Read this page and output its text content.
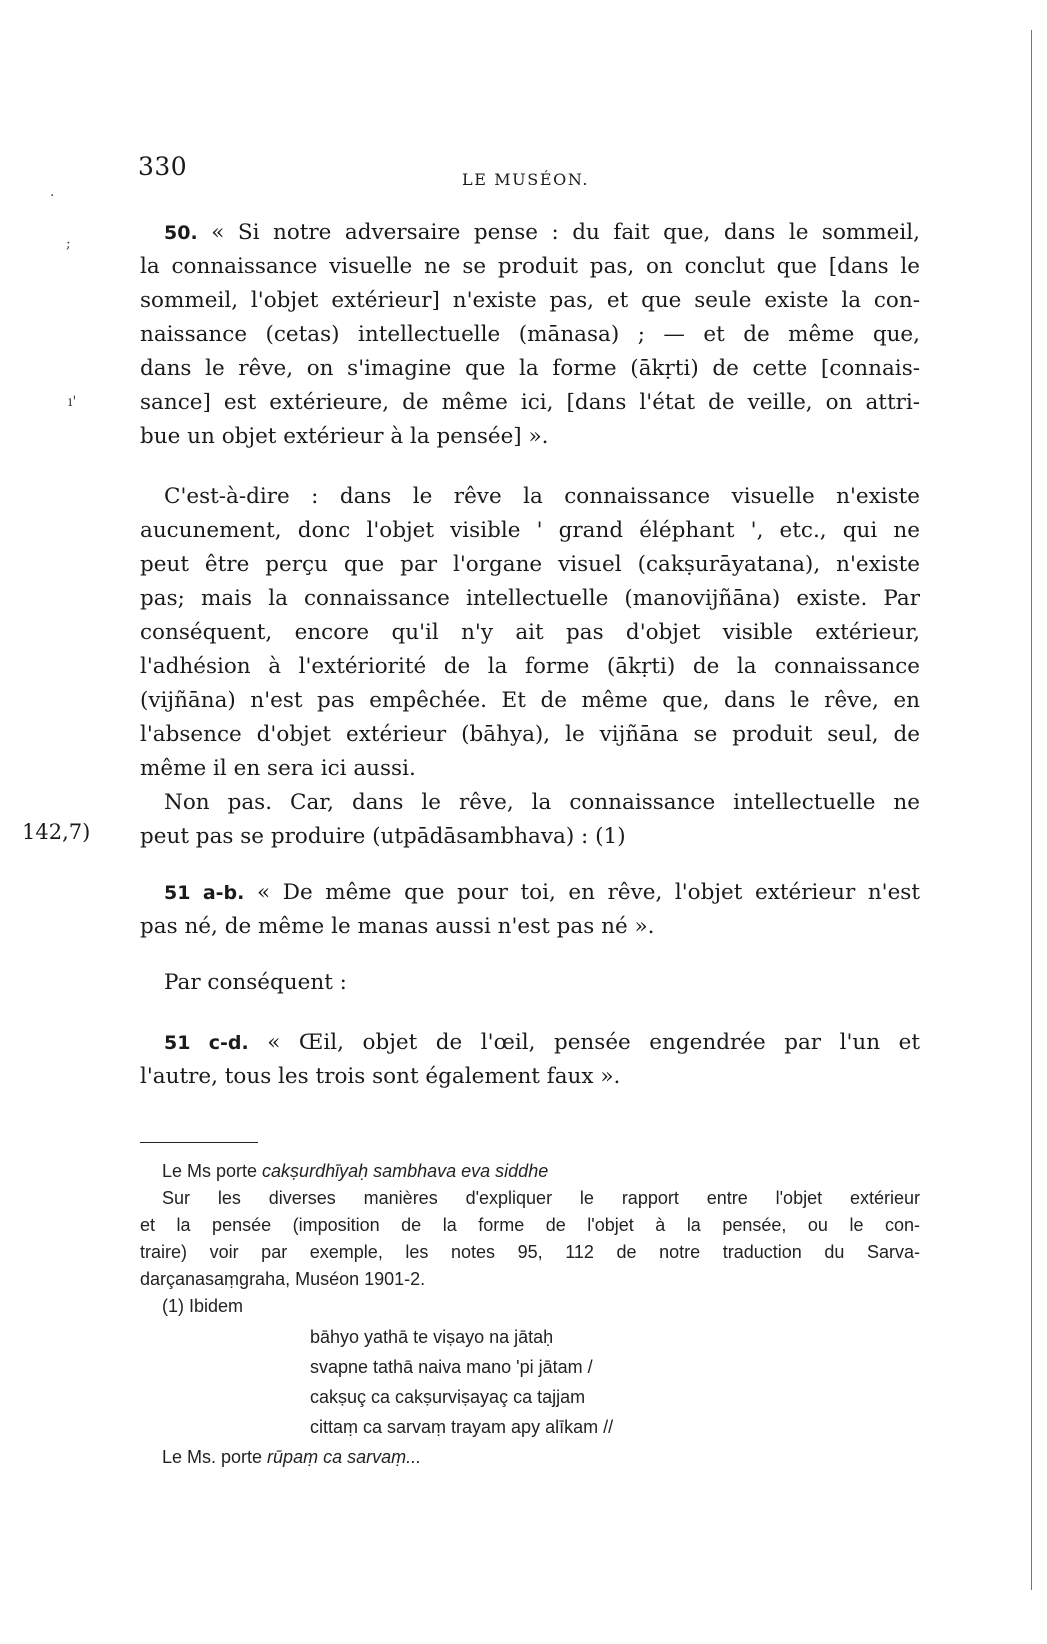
·
;
ı'
330	LE MUSÉON.
50. « Si notre adversaire pense : du fait que, dans le sommeil,
la connaissance visuelle ne se produit pas, on conclut que [dans le
sommeil, l'objet extérieur] n'existe pas, et que seule existe la con-
naissance (cetas) intellectuelle (mānasa) ; — et de même que,
dans le rêve, on s'imagine que la forme (ākṛti) de cette [connais-
sance] est extérieure, de même ici, [dans l'état de veille, on attri-
bue un objet extérieur à la pensée] ».
C'est-à-dire : dans le rêve la connaissance visuelle n'existe
aucunement, donc l'objet visible ' grand éléphant ', etc., qui ne
peut être perçu que par l'organe visuel (cakṣurāyatana), n'existe
pas; mais la connaissance intellectuelle (manovijñāna) existe. Par
conséquent, encore qu'il n'y ait pas d'objet visible extérieur,
l'adhésion à l'extériorité de la forme (ākṛti) de la connaissance
(vijñāna) n'est pas empêchée. Et de même que, dans le rêve, en
l'absence d'objet extérieur (bāhya), le vijñāna se produit seul, de
même il en sera ici aussi.
142,7)
Non pas. Car, dans le rêve, la connaissance intellectuelle ne
peut pas se produire (utpādāsambhava) : (1)
51 a-b. « De même que pour toi, en rêve, l'objet extérieur n'est
pas né, de même le manas aussi n'est pas né ».
Par conséquent :
51 c-d. « Œil, objet de l'œil, pensée engendrée par l'un et
l'autre, tous les trois sont également faux ».
Le Ms porte cakṣurdhīyaḥ sambhava eva siddhe
Sur les diverses manières d'expliquer le rapport entre l'objet extérieur
et la pensée (imposition de la forme de l'objet à la pensée, ou le con-
traire) voir par exemple, les notes 95, 112 de notre traduction du Sarva-
darçanasaṃgraha, Muséon 1901-2.
(1) Ibidem
bāhyo yathā te viṣayo na jātaḥ
svapne tathā naiva mano 'pi jātam /
cakṣuç ca cakṣurviṣayaç ca tajjam
cittaṃ ca sarvaṃ trayam apy alīkam //
Le Ms. porte rūpaṃ ca sarvaṃ...
